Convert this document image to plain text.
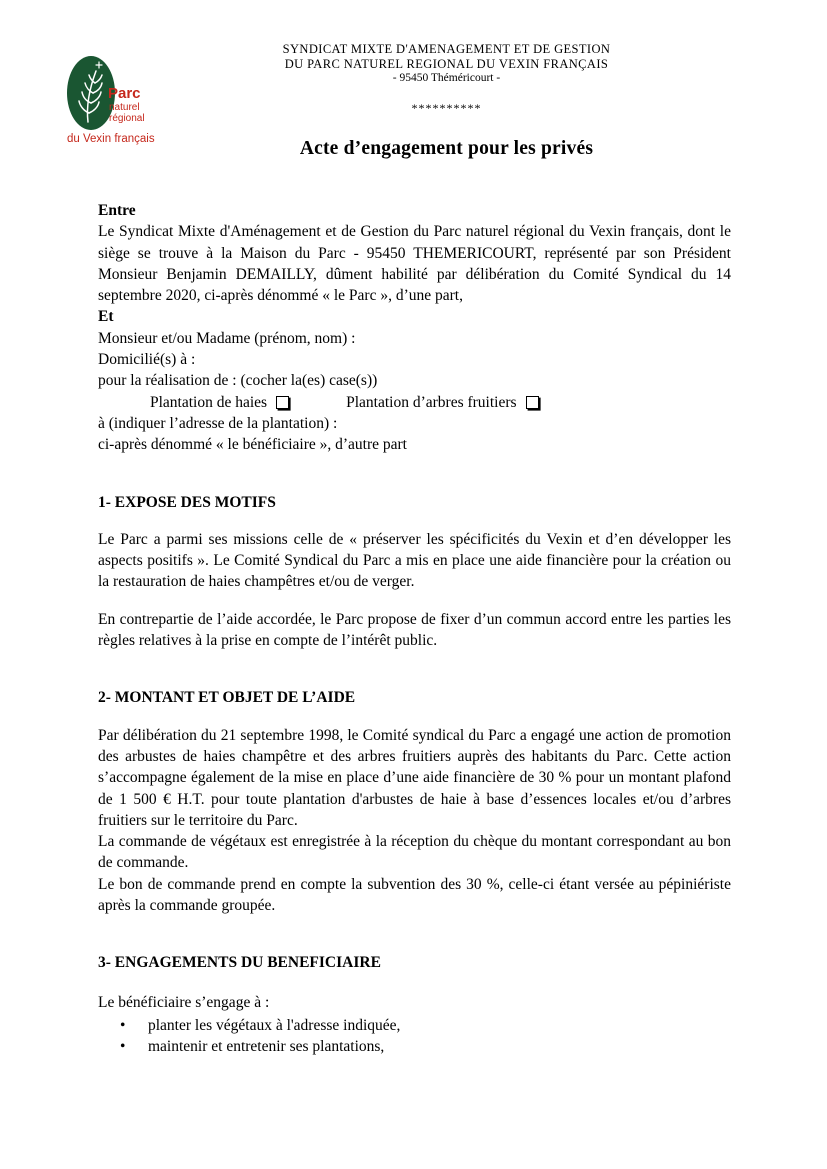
Parc
naturel
régional
du Vexin français
SYNDICAT MIXTE D'AMENAGEMENT ET DE GESTION
DU PARC NATUREL REGIONAL DU VEXIN FRANÇAIS
- 95450 Théméricourt -
**********
Acte d’engagement pour les privés

Entre

Le Syndicat Mixte d'Aménagement et de Gestion du Parc naturel régional du Vexin français, dont le siège se trouve à la Maison du Parc - 95450 THEMERICOURT, représenté par son Président Monsieur Benjamin DEMAILLY, dûment habilité par délibération du Comité Syndical du 14 septembre 2020, ci-après dénommé « le Parc », d’une part,

Et

Monsieur et/ou Madame (prénom, nom) :

Domicilié(s) à :

pour la réalisation de : (cocher la(es) case(s))

Plantation de haies	Plantation d’arbres fruitiers

à (indiquer l’adresse de la plantation) :

ci-après dénommé « le bénéficiaire », d’autre part

1- EXPOSE DES MOTIFS

Le Parc a parmi ses missions celle de « préserver les spécificités du Vexin et d’en développer les aspects positifs ». Le Comité Syndical du Parc a mis en place une aide financière pour la création ou la restauration de haies champêtres et/ou de verger.

En contrepartie de l’aide accordée, le Parc propose de fixer d’un commun accord entre les parties les règles relatives à la prise en compte de l’intérêt public.

2- MONTANT ET OBJET DE L’AIDE

Par délibération du 21 septembre 1998, le Comité syndical du Parc a engagé une action de promotion des arbustes de haies champêtre et des arbres fruitiers auprès des habitants du Parc. Cette action s’accompagne également de la mise en place d’une aide financière de 30 % pour un montant plafond de 1 500 € H.T. pour toute plantation d'arbustes de haie à base d’essences locales et/ou d’arbres fruitiers sur le territoire du Parc.

La commande de végétaux est enregistrée à la réception du chèque du montant correspondant au bon de commande.

Le bon de commande prend en compte la subvention des 30 %, celle-ci étant versée au pépiniériste après la commande groupée.

3- ENGAGEMENTS DU BENEFICIAIRE

Le bénéficiaire s’engage à :

• planter les végétaux à l'adresse indiquée,

• maintenir et entretenir ses plantations,
